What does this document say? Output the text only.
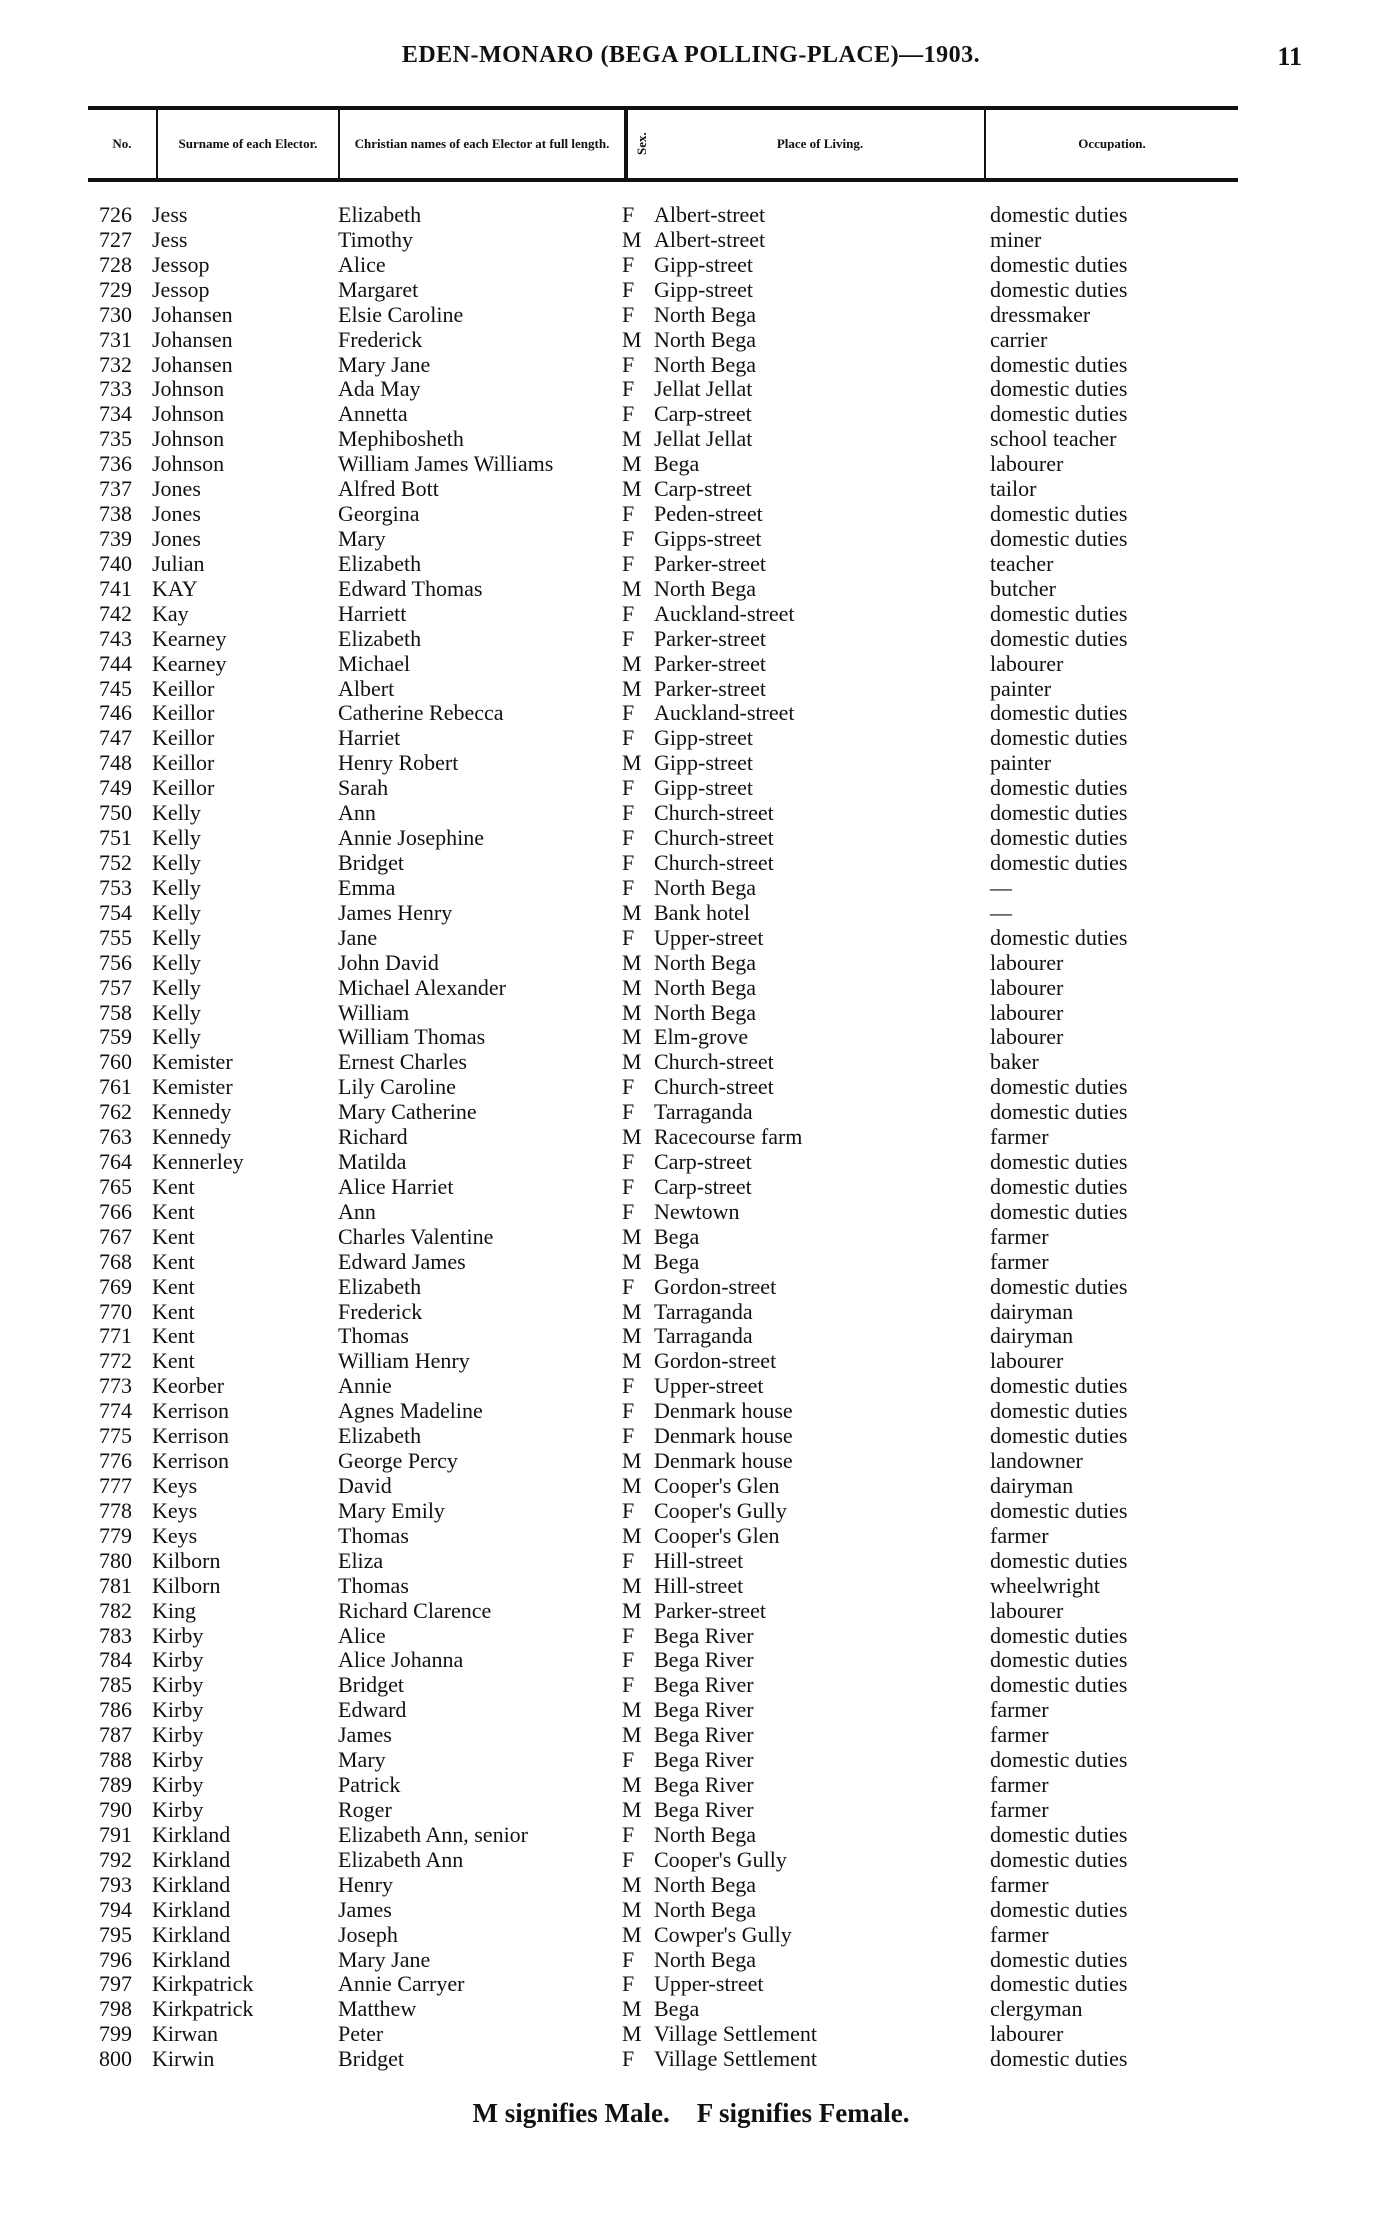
EDEN-MONARO (BEGA POLLING-PLACE)—1903.	11
No.	Surname of each Elector.	Christian names of each Elector at full length.	Sex.	Place of Living.	Occupation.
726 Jess	Elizabeth	F Albert-street	domestic duties
727 Jess	Timothy	M Albert-street	miner
728 Jessop	Alice	F Gipp-street	domestic duties
729 Jessop	Margaret	F Gipp-street	domestic duties
730 Johansen	Elsie Caroline	F North Bega	dressmaker
731 Johansen	Frederick	M North Bega	carrier
732 Johansen	Mary Jane	F North Bega	domestic duties
733 Johnson	Ada May	F Jellat Jellat	domestic duties
734 Johnson	Annetta	F Carp-street	domestic duties
735 Johnson	Mephibosheth	M Jellat Jellat	school teacher
736 Johnson	William James Williams	M Bega	labourer
737 Jones	Alfred Bott	M Carp-street	tailor
738 Jones	Georgina	F Peden-street	domestic duties
739 Jones	Mary	F Gipps-street	domestic duties
740 Julian	Elizabeth	F Parker-street	teacher
741 KAY	Edward Thomas	M North Bega	butcher
742 Kay	Harriett	F Auckland-street	domestic duties
743 Kearney	Elizabeth	F Parker-street	domestic duties
744 Kearney	Michael	M Parker-street	labourer
745 Keillor	Albert	M Parker-street	painter
746 Keillor	Catherine Rebecca	F Auckland-street	domestic duties
747 Keillor	Harriet	F Gipp-street	domestic duties
748 Keillor	Henry Robert	M Gipp-street	painter
749 Keillor	Sarah	F Gipp-street	domestic duties
750 Kelly	Ann	F Church-street	domestic duties
751 Kelly	Annie Josephine	F Church-street	domestic duties
752 Kelly	Bridget	F Church-street	domestic duties
753 Kelly	Emma	F North Bega	—
754 Kelly	James Henry	M Bank hotel	—
755 Kelly	Jane	F Upper-street	domestic duties
756 Kelly	John David	M North Bega	labourer
757 Kelly	Michael Alexander	M North Bega	labourer
758 Kelly	William	M North Bega	labourer
759 Kelly	William Thomas	M Elm-grove	labourer
760 Kemister	Ernest Charles	M Church-street	baker
761 Kemister	Lily Caroline	F Church-street	domestic duties
762 Kennedy	Mary Catherine	F Tarraganda	domestic duties
763 Kennedy	Richard	M Racecourse farm	farmer
764 Kennerley	Matilda	F Carp-street	domestic duties
765 Kent	Alice Harriet	F Carp-street	domestic duties
766 Kent	Ann	F Newtown	domestic duties
767 Kent	Charles Valentine	M Bega	farmer
768 Kent	Edward James	M Bega	farmer
769 Kent	Elizabeth	F Gordon-street	domestic duties
770 Kent	Frederick	M Tarraganda	dairyman
771 Kent	Thomas	M Tarraganda	dairyman
772 Kent	William Henry	M Gordon-street	labourer
773 Keorber	Annie	F Upper-street	domestic duties
774 Kerrison	Agnes Madeline	F Denmark house	domestic duties
775 Kerrison	Elizabeth	F Denmark house	domestic duties
776 Kerrison	George Percy	M Denmark house	landowner
777 Keys	David	M Cooper's Glen	dairyman
778 Keys	Mary Emily	F Cooper's Gully	domestic duties
779 Keys	Thomas	M Cooper's Glen	farmer
780 Kilborn	Eliza	F Hill-street	domestic duties
781 Kilborn	Thomas	M Hill-street	wheelwright
782 King	Richard Clarence	M Parker-street	labourer
783 Kirby	Alice	F Bega River	domestic duties
784 Kirby	Alice Johanna	F Bega River	domestic duties
785 Kirby	Bridget	F Bega River	domestic duties
786 Kirby	Edward	M Bega River	farmer
787 Kirby	James	M Bega River	farmer
788 Kirby	Mary	F Bega River	domestic duties
789 Kirby	Patrick	M Bega River	farmer
790 Kirby	Roger	M Bega River	farmer
791 Kirkland	Elizabeth Ann, senior	F North Bega	domestic duties
792 Kirkland	Elizabeth Ann	F Cooper's Gully	domestic duties
793 Kirkland	Henry	M North Bega	farmer
794 Kirkland	James	M North Bega	domestic duties
795 Kirkland	Joseph	M Cowper's Gully	farmer
796 Kirkland	Mary Jane	F North Bega	domestic duties
797 Kirkpatrick	Annie Carryer	F Upper-street	domestic duties
798 Kirkpatrick	Matthew	M Bega	clergyman
799 Kirwan	Peter	M Village Settlement	labourer
800 Kirwin	Bridget	F Village Settlement	domestic duties
M signifies Male.    F signifies Female.
